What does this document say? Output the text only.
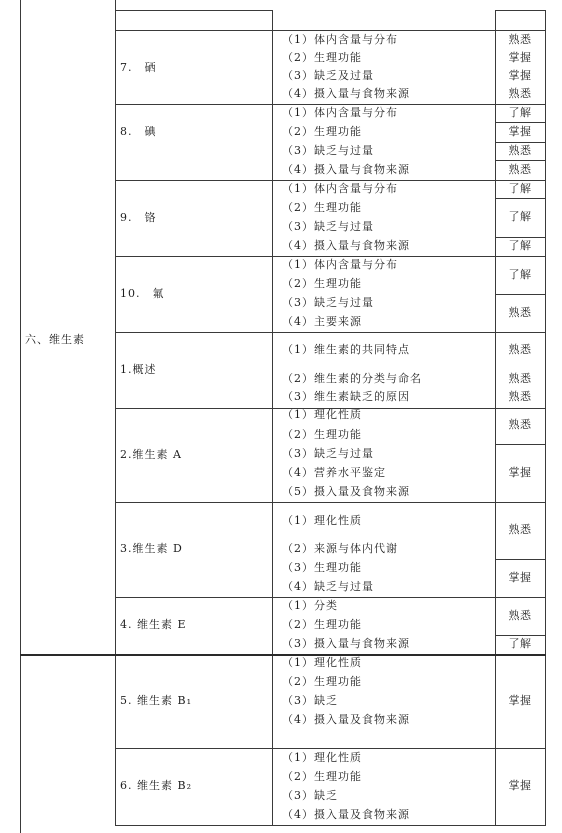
六、维生素
7.　硒
（1）体内含量与分布
（2）生理功能
（3）缺乏及过量
（4）摄入量与食物来源
熟悉
掌握
掌握
熟悉
8.　碘
（1）体内含量与分布
（2）生理功能
（3）缺乏与过量
（4）摄入量与食物来源
了解
掌握
熟悉
熟悉
9.　铬
（1）体内含量与分布
（2）生理功能
（3）缺乏与过量
（4）摄入量与食物来源
了解
了解
了解
10.　氟
（1）体内含量与分布
（2）生理功能
（3）缺乏与过量
（4）主要来源
了解
熟悉
1.概述
（1）维生素的共同特点
（2）维生素的分类与命名
（3）维生素缺乏的原因
熟悉
熟悉
熟悉
2.维生素 A
（1）理化性质
（2）生理功能
（3）缺乏与过量
（4）营养水平鉴定
（5）摄入量及食物来源
熟悉
掌握
3.维生素 D
（1）理化性质
（2）来源与体内代谢
（3）生理功能
（4）缺乏与过量
熟悉
掌握
4. 维生素 E
（1）分类
（2）生理功能
（3）摄入量与食物来源
熟悉
了解
5. 维生素 B₁
（1）理化性质
（2）生理功能
（3）缺乏
（4）摄入量及食物来源
掌握
6. 维生素 B₂
（1）理化性质
（2）生理功能
（3）缺乏
（4）摄入量及食物来源
掌握
